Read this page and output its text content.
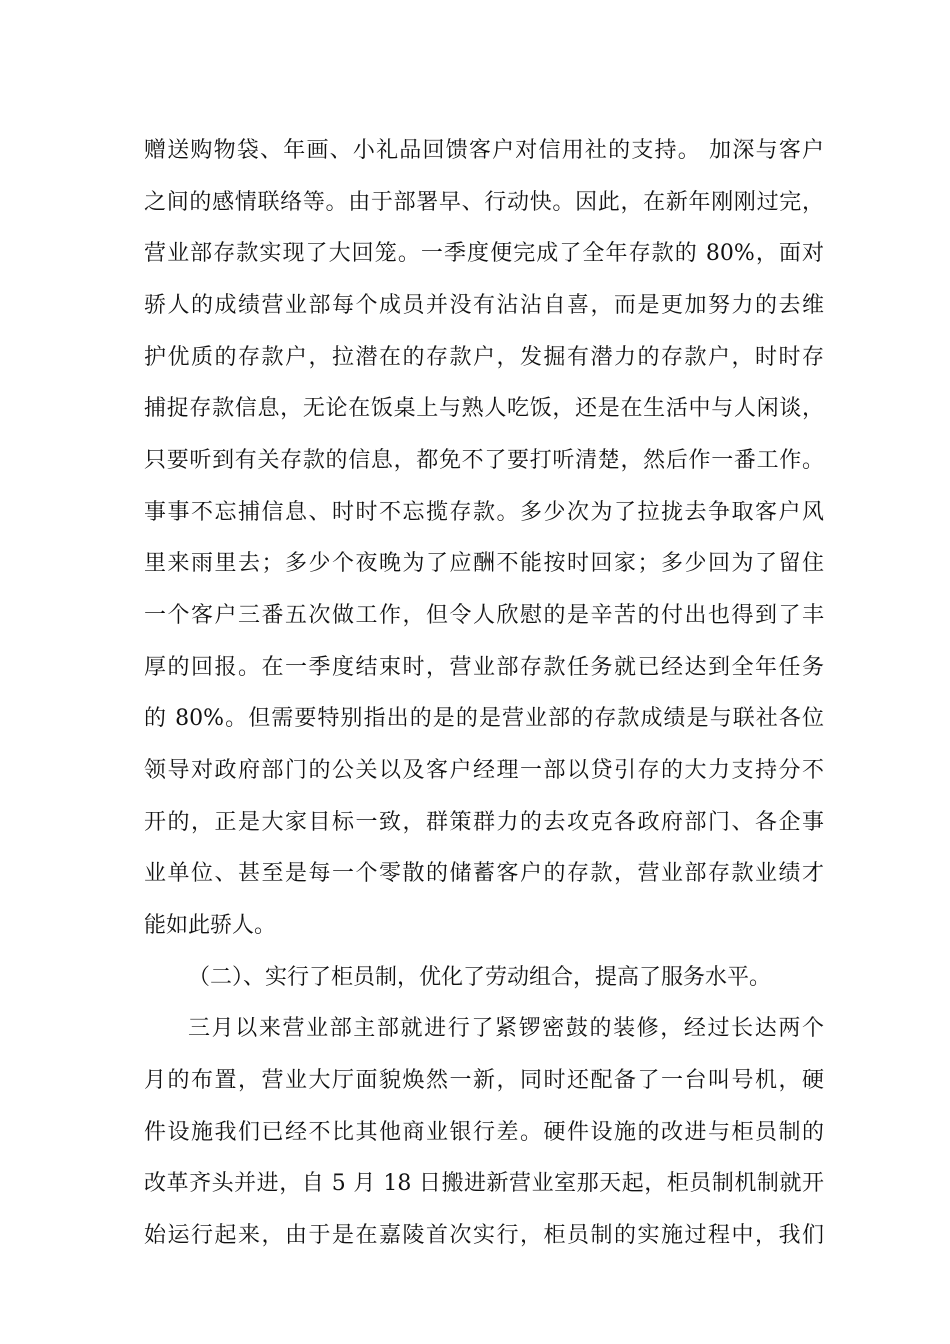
赠送购物袋、年画、小礼品回馈客户对信用社的支持。 加深与客户
之间的感情联络等。由于部署早、行动快。因此，在新年刚刚过完，
营业部存款实现了大回笼。一季度便完成了全年存款的 80%，面对
骄人的成绩营业部每个成员并没有沾沾自喜，而是更加努力的去维
护优质的存款户，拉潜在的存款户，发掘有潜力的存款户，时时存
捕捉存款信息，无论在饭桌上与熟人吃饭，还是在生活中与人闲谈，
只要听到有关存款的信息，都免不了要打听清楚，然后作一番工作。
事事不忘捕信息、时时不忘揽存款。多少次为了拉拢去争取客户风
里来雨里去；多少个夜晚为了应酬不能按时回家；多少回为了留住
一个客户三番五次做工作，但令人欣慰的是辛苦的付出也得到了丰
厚的回报。在一季度结束时，营业部存款任务就已经达到全年任务
的 80%。但需要特别指出的是的是营业部的存款成绩是与联社各位
领导对政府部门的公关以及客户经理一部以贷引存的大力支持分不
开的，正是大家目标一致，群策群力的去攻克各政府部门、各企事
业单位、甚至是每一个零散的储蓄客户的存款，营业部存款业绩才
能如此骄人。
（二）、实行了柜员制，优化了劳动组合，提高了服务水平。
三月以来营业部主部就进行了紧锣密鼓的装修，经过长达两个
月的布置，营业大厅面貌焕然一新，同时还配备了一台叫号机，硬
件设施我们已经不比其他商业银行差。硬件设施的改进与柜员制的
改革齐头并进，自 5 月 18 日搬进新营业室那天起，柜员制机制就开
始运行起来，由于是在嘉陵首次实行，柜员制的实施过程中，我们
